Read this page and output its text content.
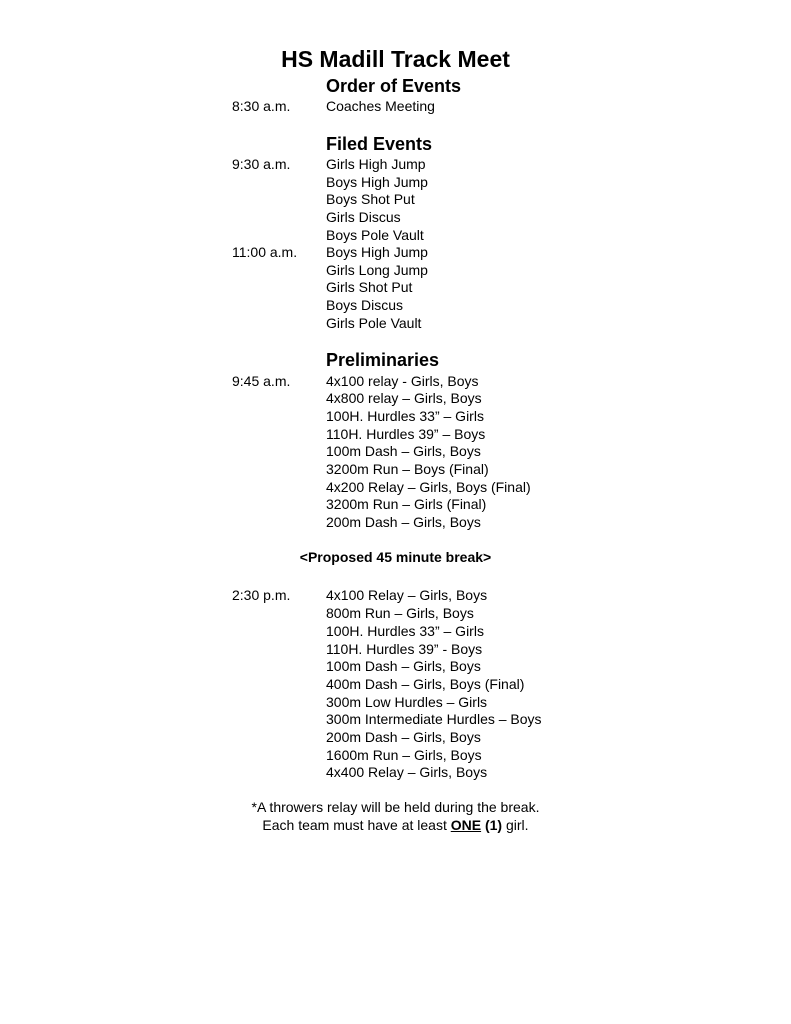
HS Madill Track Meet
Order of Events
8:30 a.m.	Coaches Meeting
Filed Events
9:30 a.m.	Girls High Jump
Boys High Jump
Boys Shot Put
Girls Discus
Boys Pole Vault
11:00 a.m. Boys High Jump
Girls Long Jump
Girls Shot Put
Boys Discus
Girls Pole Vault
Preliminaries
9:45 a.m.	4x100 relay - Girls, Boys
4x800 relay – Girls, Boys
100H. Hurdles 33” – Girls
110H. Hurdles 39” – Boys
100m Dash – Girls, Boys
3200m Run – Boys (Final)
4x200 Relay – Girls, Boys (Final)
3200m Run – Girls (Final)
200m Dash – Girls, Boys
<Proposed 45 minute break>
2:30 p.m.	4x100 Relay – Girls, Boys
800m Run – Girls, Boys
100H. Hurdles 33” – Girls
110H. Hurdles 39” - Boys
100m Dash – Girls, Boys
400m Dash – Girls, Boys (Final)
300m Low Hurdles – Girls
300m Intermediate Hurdles – Boys
200m Dash – Girls, Boys
1600m Run – Girls, Boys
4x400 Relay – Girls, Boys
*A throwers relay will be held during the break.
Each team must have at least ONE (1) girl.
